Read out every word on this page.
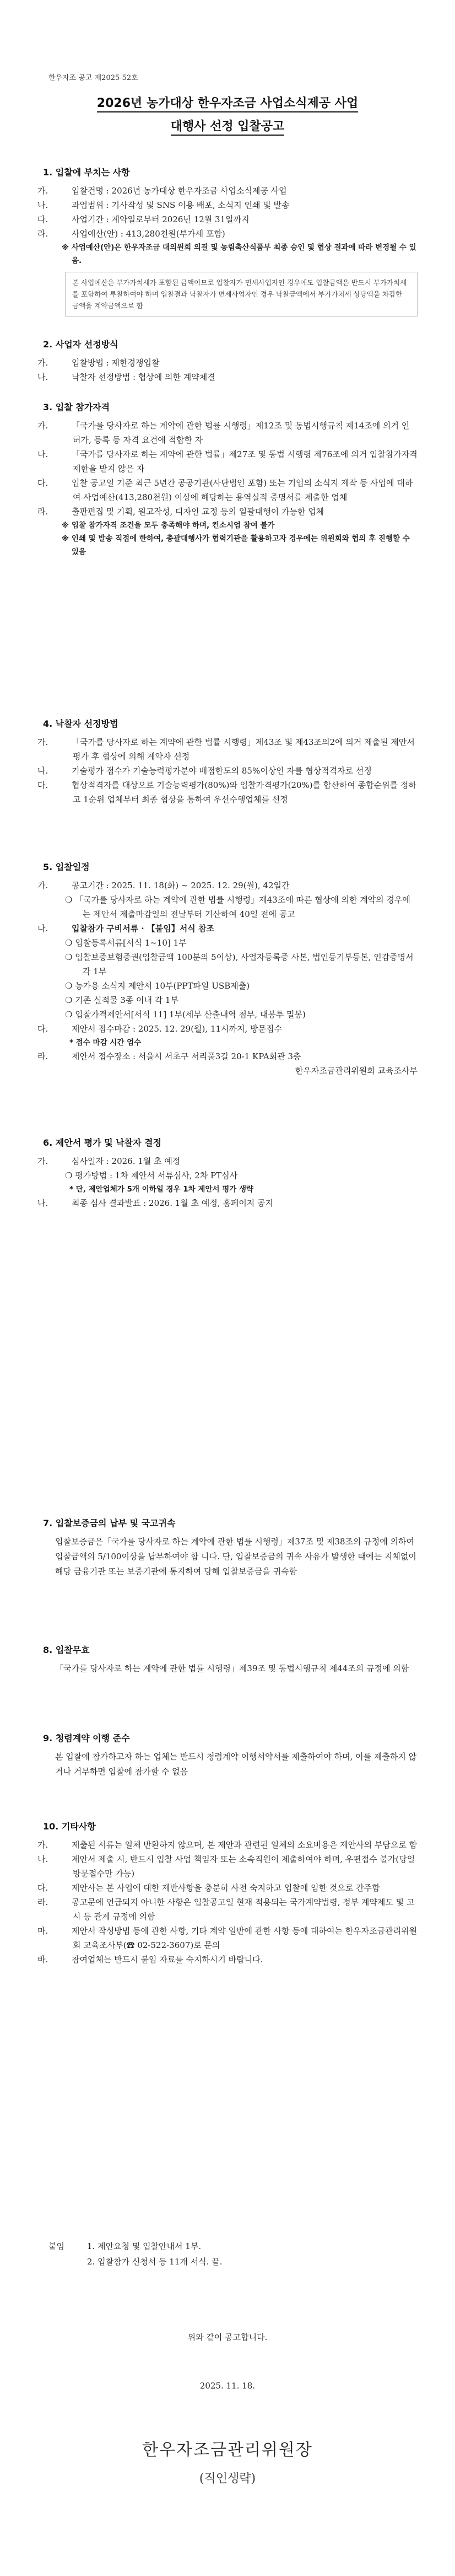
한우자조 공고 제2025-52호
2026년 농가대상 한우자조금 사업소식제공 사업
대행사 선정 입찰공고
1. 입찰에 부치는 사항
가.	입찰건명 : 2026년 농가대상 한우자조금 사업소식제공 사업
나.	과업범위 : 기사작성 및 SNS 이용 배포, 소식지 인쇄 및 발송
다.	사업기간 : 계약일로부터 2026년 12월 31일까지
라.	사업예산(안) : 413,280천원(부가세 포함)
※ 사업예산(안)은 한우자조금 대의원회 의결 및 농림축산식품부 최종 승인 및 협상 결과에 따라 변경될 수 있음.
본 사업예산은 부가가치세가 포함된 금액이므로 입찰자가 면세사업자인 경우에도 입찰금액은 반드시 부가가치세를 포함하여 투찰하여야 하며 입찰결과 낙찰자가 면세사업자인 경우 낙찰금액에서 부가가치세 상당액을 차감한 금액을 계약금액으로 함
2. 사업자 선정방식
가.	입찰방법 : 제한경쟁입찰
나.	낙찰자 선정방법 : 협상에 의한 계약체결
3. 입찰 참가자격
가.	「국가를 당사자로 하는 계약에 관한 법률 시행령」제12조 및 동법시행규칙 제14조에 의거 인 허가, 등록 등 자격 요건에 적합한 자
나.	「국가를 당사자로 하는 계약에 관한 법률」제27조 및 동법 시행령 제76조에 의거 입찰참가자격 제한을 받지 않은 자
다.	입찰 공고일 기준 최근 5년간 공공기관(사단법인 포함) 또는 기업의 소식지 제작 등 사업에 대하여 사업예산(413,280천원) 이상에 해당하는 용역실적 증명서를 제출한 업체
라.	출판편집 및 기획, 원고작성, 디자인 교정 등의 일괄대행이 가능한 업체
※ 입찰 참가자격 조건을 모두 충족해야 하며, 컨소시엄 참여 불가
※ 인쇄 및 발송 직접에 한하여, 총괄대행사가 협력기관을 활용하고자 경우에는 위원회와 협의 후 진행할 수 있음
4. 낙찰자 선정방법
가.	「국가를 당사자로 하는 계약에 관한 법률 시행령」제43조 및 제43조의2에 의거 제출된 제안서 평가 후 협상에 의해 계약자 선정
나.	기술평가 점수가 기술능력평가분야 배점한도의 85%이상인 자를 협상적격자로 선정
다.	협상적격자를 대상으로 기술능력평가(80%)와 입찰가격평가(20%)를 합산하여 종합순위를 정하고 1순위 업체부터 최종 협상을 통하여 우선수행업체를 선정
5. 입찰일정
가.	공고기간 : 2025. 11. 18(화) ~ 2025. 12. 29(월), 42일간
❍ 「국가를 당사자로 하는 계약에 관한 법률 시행령」제43조에 따른 협상에 의한 계약의 경우에는 제안서 제출마감일의 전날부터 기산하여 40일 전에 공고
나.	입찰참가 구비서류 · 【붙임】서식 참조
❍ 입찰등록서류[서식 1~10] 1부
❍ 입찰보증보험증권(입찰금액 100분의 5이상), 사업자등록증 사본, 법인등기부등본, 인감증명서 각 1부
❍ 농가용 소식지 제안서 10부(PPT파일 USB제출)
❍ 기존 실적물 3종 이내 각 1부
❍ 입찰가격제안서[서식 11] 1부(세부 산출내역 첨부, 대봉투 밀봉)
다.	제안서 접수마감 : 2025. 12. 29(월), 11시까지, 방문접수
* 접수 마감 시간 엄수
라.	제안서 접수장소 : 서울시 서초구 서리풀3길 20-1 KPA회관 3층
한우자조금관리위원회 교육조사부
6. 제안서 평가 및 낙찰자 결정
가.	심사일자 : 2026. 1월 초 예정
❍ 평가방법 : 1차 제안서 서류심사, 2차 PT심사
* 단, 제안업체가 5개 이하일 경우 1차 제안서 평가 생략
나.	최종 심사 결과발표 : 2026. 1월 초 예정, 홈페이지 공지
7. 입찰보증금의 납부 및 국고귀속
입찰보증금은「국가를 당사자로 하는 계약에 관한 법률 시행령」제37조 및 제38조의 규정에 의하여 입찰금액의 5/100이상을 납부하여야 합 니다. 단, 입찰보증금의 귀속 사유가 발생한 때에는 지체없이 해당 금융기관 또는 보증기관에 통지하여 당해 입찰보증금을 귀속함
8. 입찰무효
「국가를 당사자로 하는 계약에 관한 법률 시행령」제39조 및 동법시행규칙 제44조의 규정에 의함
9. 청렴계약 이행 준수
본 입찰에 참가하고자 하는 업체는 반드시 청렴계약 이행서약서를 제출하여야 하며, 이를 제출하지 않거나 거부하면 입찰에 참가할 수 없음
10. 기타사항
가.	제출된 서류는 일체 반환하지 않으며, 본 제안과 관련된 일체의 소요비용은 제안사의 부담으로 함
나.	제안서 제출 시, 반드시 입찰 사업 책임자 또는 소속직원이 제출하여야 하며, 우편접수 불가(당일 방문접수만 가능)
다.	제안사는 본 사업에 대한 제반사항을 충분히 사전 숙지하고 입찰에 임한 것으로 간주함
라.	공고문에 언급되지 아니한 사항은 입찰공고일 현재 적용되는 국가계약법령, 정부 계약제도 및 고시 등 관계 규정에 의함
마.	제안서 작성방법 등에 관한 사항, 기타 계약 일반에 관한 사항 등에 대하여는 한우자조금관리위원회 교육조사부(☎ 02-522-3607)로 문의
바.	참여업체는 반드시 붙임 자료를 숙지하시기 바랍니다.
붙임	1. 제안요청 및 입찰안내서 1부.
2. 입찰참가 신청서 등 11개 서식. 끝.
위와 같이 공고합니다.
2025. 11. 18.
한우자조금관리위원장
(직인생략)
